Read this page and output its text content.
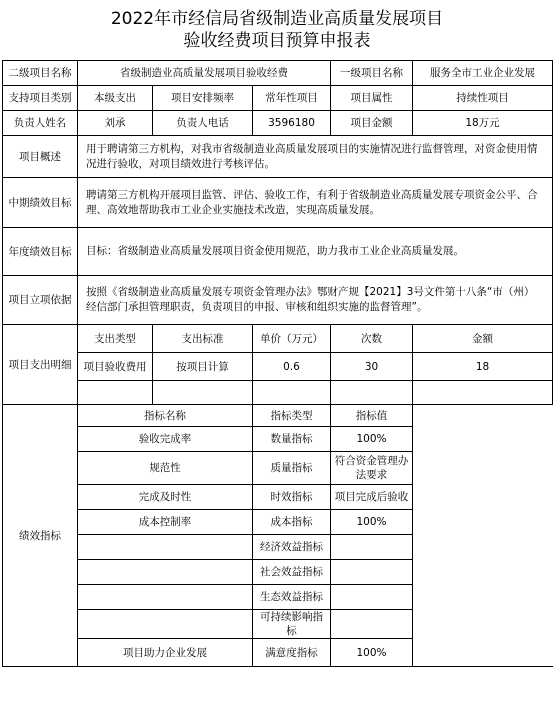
2022年市经信局省级制造业高质量发展项目
验收经费项目预算申报表
二级项目名称	省级制造业高质量发展项目验收经费			一级项目名称	服务全市工业企业发展
支持项目类别	本级支出	项目安排频率	常年性项目	项目属性	持续性项目
负责人姓名	刘承	负责人电话	3596180	项目金额	18万元
项目概述	用于聘请第三方机构，对我市省级制造业高质量发展项目的实施情况进行监督管理，对资金使用情况进行验收，对项目绩效进行考核评估。				
中期绩效目标	聘请第三方机构开展项目监管、评估、验收工作，有利于省级制造业高质量发展专项资金公平、合理、高效地帮助我市工业企业实施技术改造，实现高质量发展。				
年度绩效目标	目标：省级制造业高质量发展项目资金使用规范，助力我市工业企业高质量发展。				
项目立项依据	按照《省级制造业高质量发展专项资金管理办法》鄂财产规【2021】3号文件第十八条“市（州）经信部门承担管理职责，负责项目的申报、审核和组织实施的监督管理”。				
项目支出明细	支出类型	支出标准	单价（万元）	次数	金额
	项目验收费用	按项目计算	0.6	30	18

绩效指标	指标名称		指标类型	指标值	
	验收完成率		数量指标	100%	
	规范性		质量指标	符合资金管理办法要求	
	完成及时性		时效指标	项目完成后验收	
	成本控制率		成本指标	100%	
			经济效益指标		
			社会效益指标		
			生态效益指标		
			可持续影响指标		
	项目助力企业发展		满意度指标	100%	
